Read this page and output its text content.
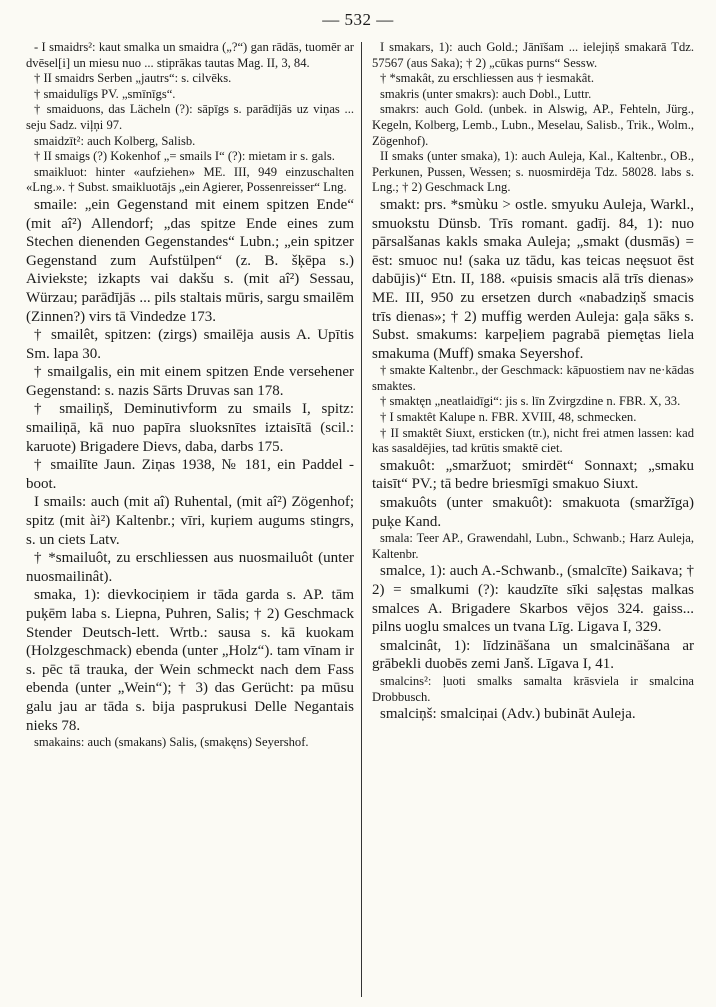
— 532 —

- I smaidrs²: kaut smalka un smaidra („?“) gan rādās, tuomēr ar dvēsel[i] un miesu nuo ... stiprākas tautas Mag. II, 3, 84.

† II smaidrs Serben „jautrs“: s. cilvēks.

† smaidulīgs PV. „smīnīgs“.

† smaiduons, das Lächeln (?): sāpīgs s. parādījās uz viņas ... seju Sadz. viļņi 97.

smaidzīt²: auch Kolberg, Salisb.

† II smaigs (?) Kokenhof „= smails I“ (?): mietam ir s. gals.

smaikluot: hinter «aufziehen» ME. III, 949 einzuschalten «Lng.». † Subst. smaikluotājs „ein Agierer, Possenreisser“ Lng.

smaile: „ein Gegenstand mit einem spitzen Ende“ (mit aî²) Allendorf; „das spitze Ende eines zum Stechen dienenden Gegenstandes“ Lubn.; „ein spitzer Gegenstand zum Aufstülpen“ (z. B. šķēpa s.) Aiviekste; izkapts vai dakšu s. (mit aî²) Sessau, Würzau; parādījās ... pils staltais mūris, sargu smailēm (Zinnen?) virs tā Vindedze 173.

† smailêt, spitzen: (zirgs) smailēja ausis A. Upītis Sm. lapa 30.

† smailgalis, ein mit einem spitzen Ende versehener Gegenstand: s. nazis Sārts Druvas san 178.

† smailiņš, Deminutivform zu smails I, spitz: smailiņā, kā nuo papīra sluoksnītes iztaisītā (scil.: karuote) Brigadere Dievs, daba, darbs 175.

† smailīte Jaun. Ziņas 1938, № 181, ein Paddel - boot.

I smails: auch (mit aî) Ruhental, (mit aî²) Zögenhof; spitz (mit ài²) Kaltenbr.; vīri, kuŗiem augums stingrs, s. un ciets Latv.

† *smailuôt, zu erschliessen aus nuosmailuôt (unter nuosmailinât).

smaka, 1): dievkociņiem ir tāda garda s. AP. tām puķēm laba s. Liepna, Puhren, Salis; † 2) Geschmack Stender Deutsch-lett. Wrtb.: sausa s. kā kuokam (Holzgeschmack) ebenda (unter „Holz“). tam vīnam ir s. pēc tā traukа, der Wein schmeckt nach dem Fass ebenda (unter „Wein“); † 3) das Gerücht: pa mūsu galu jau ar tāda s. bija pasprukusi Delle Negantais nieks 78.

smakains: auch (smakans) Salis, (smakęns) Seyershof.

I smakars, 1): auch Gold.; Jānīšam ... ielejiņš smakarā Tdz. 57567 (aus Saka); † 2) „cūkas purns“ Sessw.

† *smakât, zu erschliessen aus † iesmakât.

smakris (unter smakrs): auch Dobl., Luttr.

smakrs: auch Gold. (unbek. in Alswig, AP., Fehteln, Jürg., Kegeln, Kolberg, Lemb., Lubn., Meselau, Salisb., Trik., Wolm., Zögenhof).

II smaks (unter smaka), 1): auch Auleja, Kal., Kaltenbr., OB., Perkunen, Pussen, Wessen; s. nuosmirdēja Tdz. 58028. labs s. Lng.; † 2) Geschmack Lng.

smakt: prs. *smùku > ostle. smyuku Auleja, Warkl., smuokstu Dünsb. Trīs romant. gadīj. 84, 1): nuo pārsalšanas kakls smaka Auleja; „smakt (dusmās) = ēst: smuoc nu! (saka uz tādu, kas teicas neęsuot ēst dabūjis)“ Etn. II, 188. «puisis smacis alā trīs dienas» ME. III, 950 zu ersetzen durch «nabadziņš smacis trīs dienas»; † 2) muffig werden Auleja: gaļa sāks s. Subst. smakums: karpeļiem pagrabā piemętas liela smakuma (Muff) smaka Seyershof.

† smakte Kaltenbr., der Geschmack: kāpuostiem nav ne·kādas smaktes.

† smaktęn „neatlaidīgi“: jis s. līn Zvirgzdine n. FBR. X, 33.

† I smaktêt Kalupe n. FBR. XVIII, 48, schmecken.

† II smaktêt Siuxt, ersticken (tr.), nicht frei atmen lassen: kad kas sasaldējies, tad krūtis smaktē ciet.

smakuôt: „smaržuot; smirdēt“ Sonnaxt; „smaku taisīt“ PV.; tā bedre briesmīgi smakuo Siuxt.

smakuôts (unter smakuôt): smakuota (smaržīga) puķe Kand.

smala: Teer AP., Grawendahl, Lubn., Schwanb.; Harz Auleja, Kaltenbr.

smalce, 1): auch A.-Schwanb., (smalcīte) Saikava; † 2) = smalkumi (?): kaudzīte sīki saļęstas malkas smalces A. Brigadere Skarbos vējos 324. gaiss... pilns uoglu smalces un tvana Līg. Ligava I, 329.

smalcinât, 1): līdzināšana un smalcināšana ar grābekli duobēs zemi Janš. Līgava I, 41.

smalcins²: ļuoti smalks samalta krāsviela ir smalcina Drobbusch.

smalciņš: smalciņai (Adv.) bubināt Auleja.
